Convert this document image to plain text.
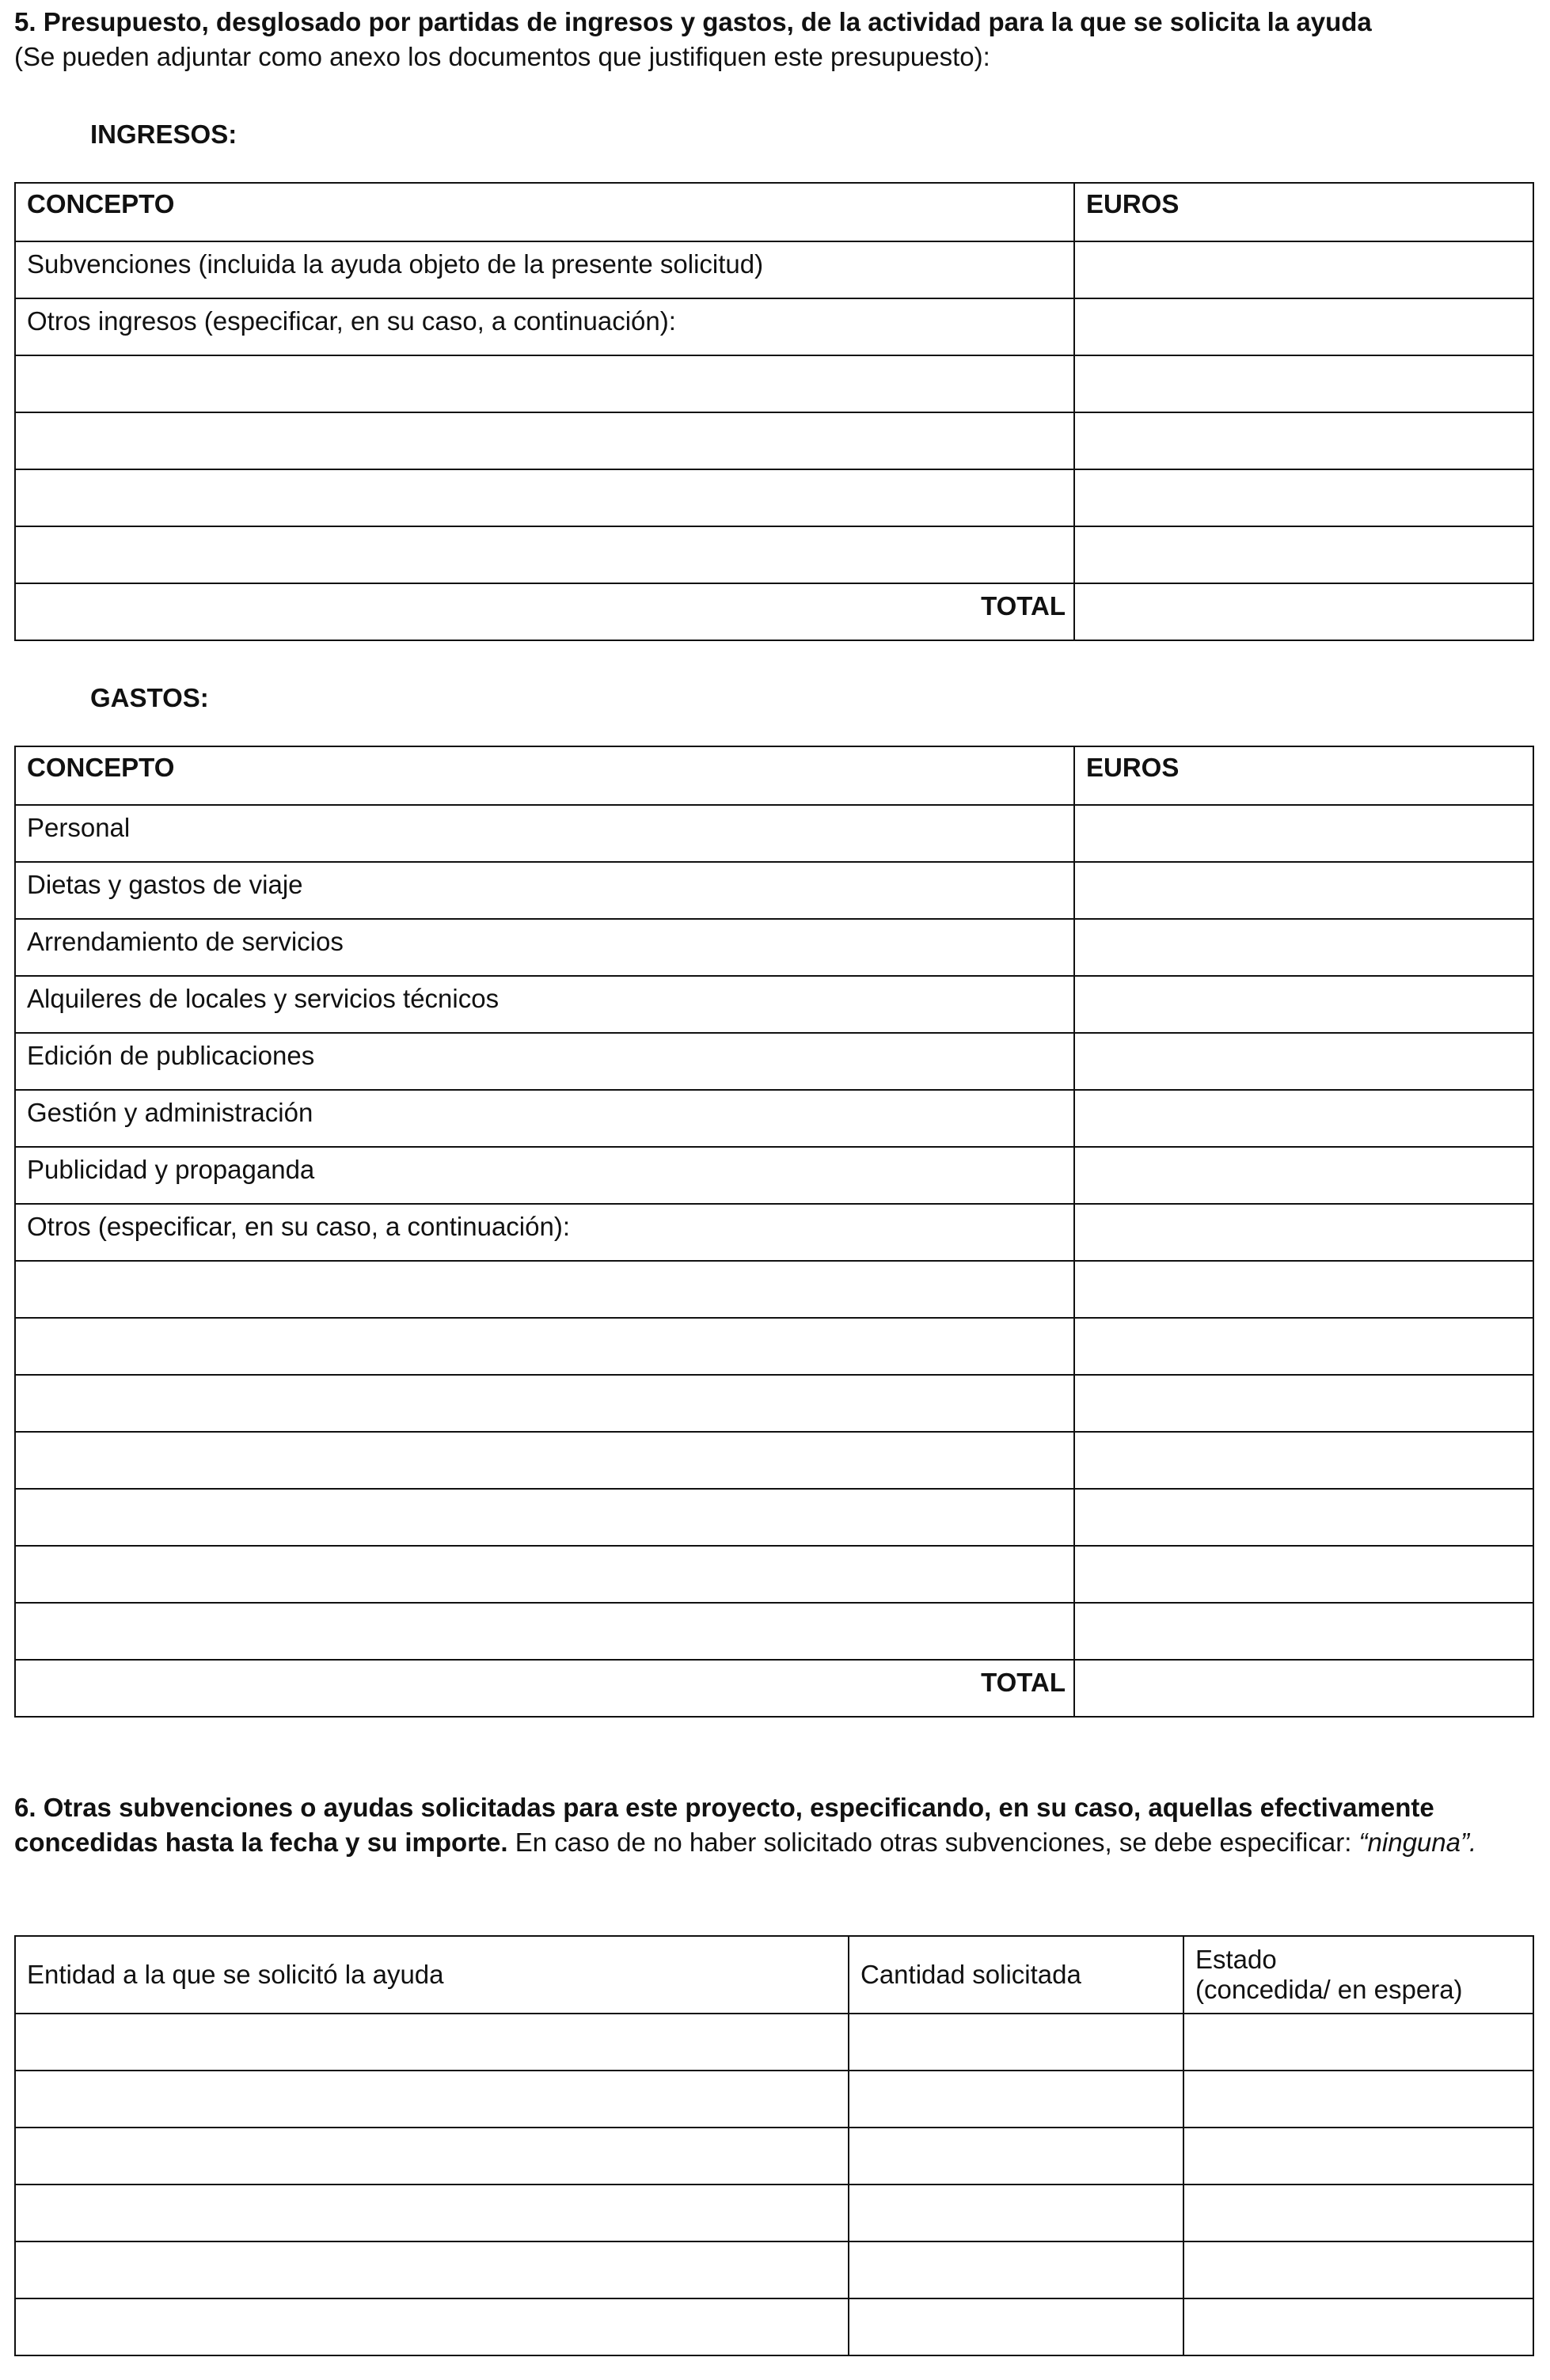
5. Presupuesto, desglosado por partidas de ingresos y gastos, de la actividad para la que se solicita la ayuda
(Se pueden adjuntar como anexo los documentos que justifiquen este presupuesto):
INGRESOS:
CONCEPTO	EUROS
Subvenciones (incluida la ayuda objeto de la presente solicitud)	
Otros ingresos (especificar, en su caso, a continuación):	

TOTAL	
GASTOS:
CONCEPTO	EUROS
Personal	
Dietas y gastos de viaje	
Arrendamiento de servicios	
Alquileres de locales y servicios técnicos	
Edición de publicaciones	
Gestión y administración	
Publicidad y propaganda	
Otros (especificar, en su caso, a continuación):	

TOTAL	
6. Otras subvenciones o ayudas solicitadas para este proyecto, especificando, en su caso, aquellas efectivamente concedidas hasta la fecha y su importe. En caso de no haber solicitado otras subvenciones, se debe especificar: “ninguna”.
Entidad a la que se solicitó la ayuda	Cantidad solicitada	Estado
(concedida/ en espera)
